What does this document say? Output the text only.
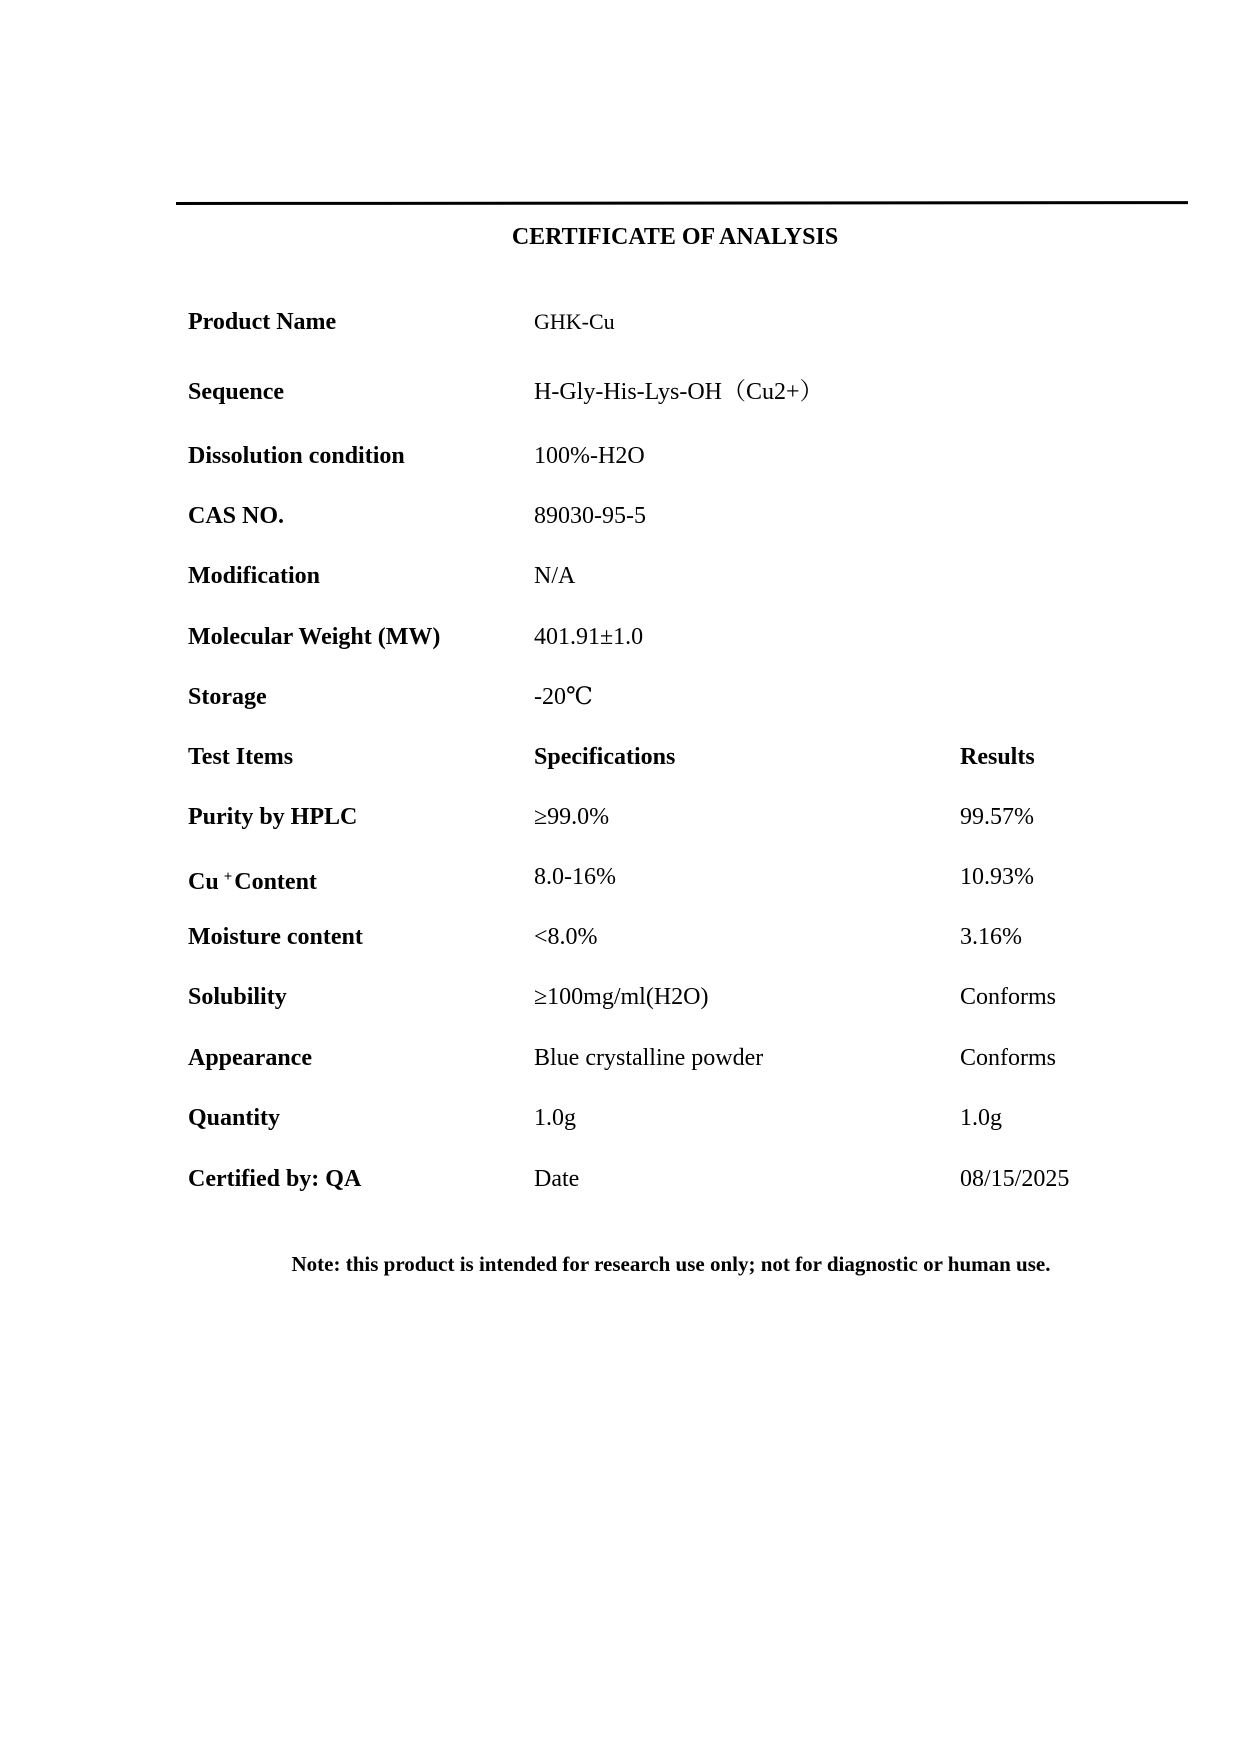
CERTIFICATE OF ANALYSIS
Product Name	GHK-Cu
Sequence	H-Gly-His-Lys-OH（Cu2+）
Dissolution condition	100%-H2O
CAS NO.	89030-95-5
Modification	N/A
Molecular Weight (MW)	401.91±1.0
Storage	-20℃
Test Items	Specifications	Results
Purity by HPLC	≥99.0%	99.57%
Cu +Content	8.0-16%	10.93%
Moisture content	<8.0%	3.16%
Solubility	≥100mg/ml(H2O)	Conforms
Appearance	Blue crystalline powder	Conforms
Quantity	1.0g	1.0g
Certified by: QA	Date	08/15/2025
Note: this product is intended for research use only; not for diagnostic or human use.
